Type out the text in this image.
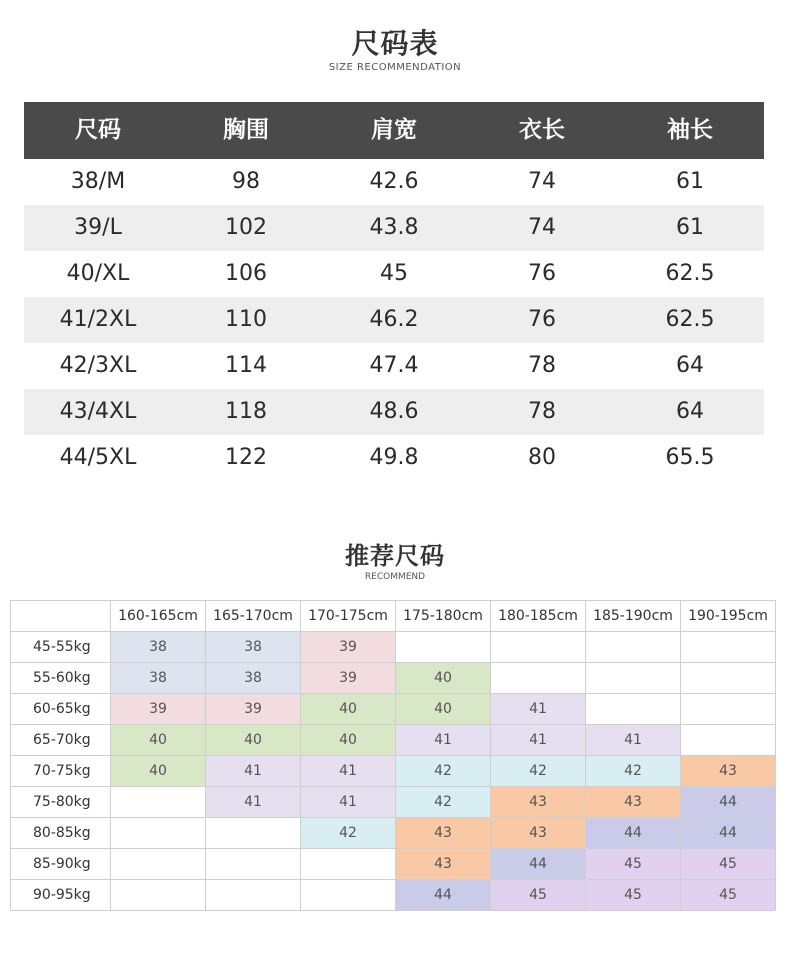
尺码表
SIZE RECOMMENDATION
尺码	胸围	肩宽	衣长	袖长
38/M	98	42.6	74	61
39/L	102	43.8	74	61
40/XL	106	45	76	62.5
41/2XL	110	46.2	76	62.5
42/3XL	114	47.4	78	64
43/4XL	118	48.6	78	64
44/5XL	122	49.8	80	65.5
推荐尺码
RECOMMEND
	160-165cm	165-170cm	170-175cm	175-180cm	180-185cm	185-190cm	190-195cm
45-55kg	38	38	39				
55-60kg	38	38	39	40			
60-65kg	39	39	40	40	41		
65-70kg	40	40	40	41	41	41	
70-75kg	40	41	41	42	42	42	43
75-80kg		41	41	42	43	43	44
80-85kg			42	43	43	44	44
85-90kg				43	44	45	45
90-95kg				44	45	45	45
